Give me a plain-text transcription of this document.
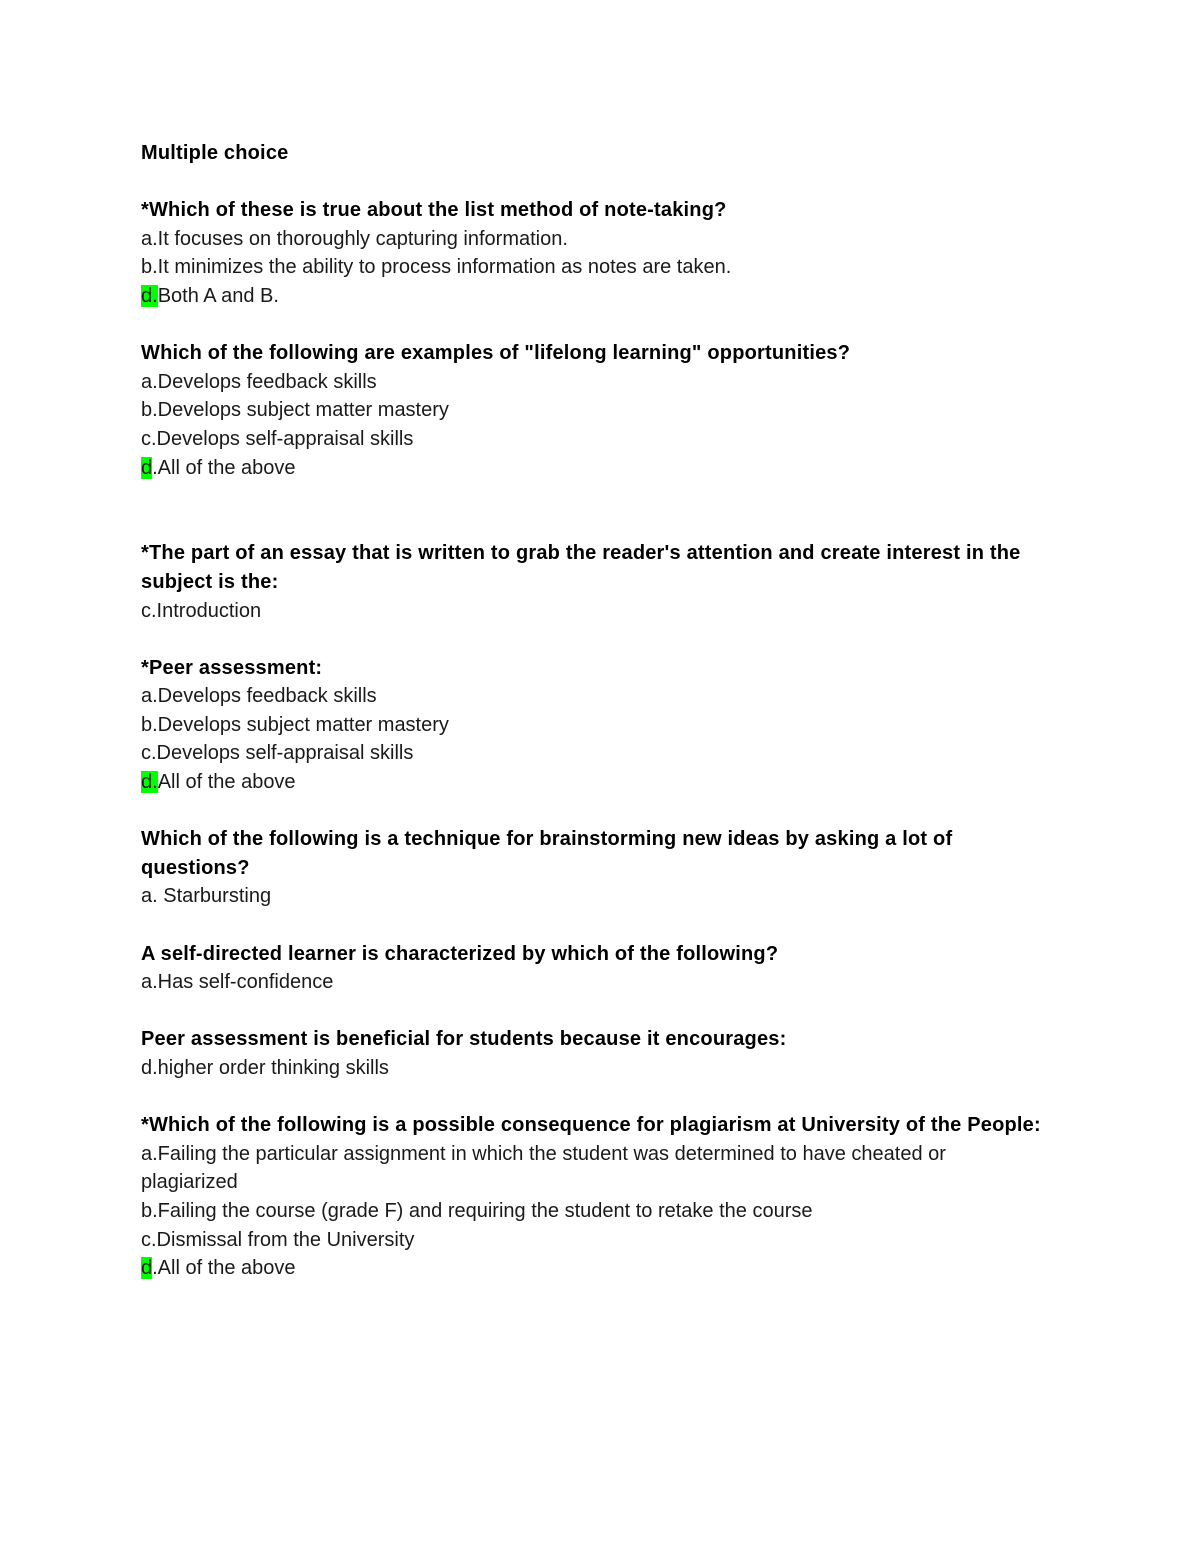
Multiple choice
*Which of these is true about the list method of note-taking?
a.It focuses on thoroughly capturing information.
b.It minimizes the ability to process information as notes are taken.
d.Both A and B.
Which of the following are examples of "lifelong learning" opportunities?
a.Develops feedback skills
b.Develops subject matter mastery
c.Develops self-appraisal skills
d.All of the above
*The part of an essay that is written to grab the reader's attention and create interest in the subject is the:
c.Introduction
*Peer assessment:
a.Develops feedback skills
b.Develops subject matter mastery
c.Develops self-appraisal skills
d.All of the above
Which of the following is a technique for brainstorming new ideas by asking a lot of questions?
a. Starbursting
A self-directed learner is characterized by which of the following?
a.Has self-confidence
Peer assessment is beneficial for students because it encourages:
d.higher order thinking skills
*Which of the following is a possible consequence for plagiarism at University of the People:
a.Failing the particular assignment in which the student was determined to have cheated or plagiarized
b.Failing the course (grade F) and requiring the student to retake the course
c.Dismissal from the University
d.All of the above
